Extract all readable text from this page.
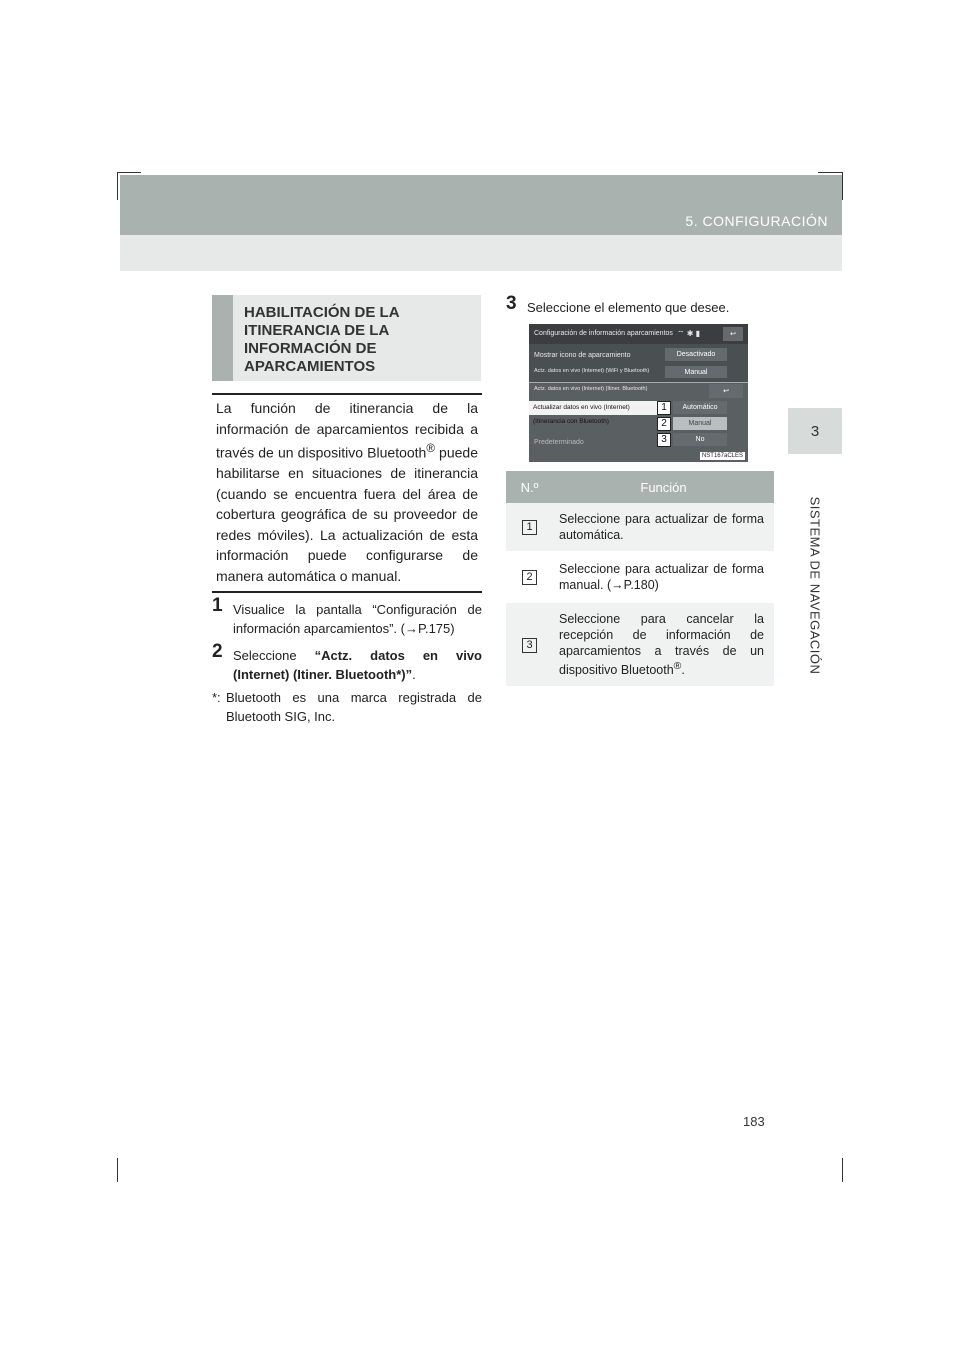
5. CONFIGURACIÓN
3
SISTEMA DE NAVEGACIÓN
HABILITACIÓN DE LA ITINERANCIA DE LA INFORMACIÓN DE APARCAMIENTOS

La función de itinerancia de la información de aparcamientos recibida a través de un dispositivo Bluetooth® puede habilitarse en situaciones de itinerancia (cuando se encuentra fuera del área de cobertura geográfica de su proveedor de redes móviles). La actualización de esta información puede configurarse de manera automática o manual.

1 Visualice la pantalla “Configuración de información aparcamientos”. (→P.175)
2 Seleccione “Actz. datos en vivo (Internet) (Itiner. Bluetooth*)”.
*: Bluetooth es una marca registrada de Bluetooth SIG, Inc.
3 Seleccione el elemento que desee.
Configuración de información aparcamientos ⌔ ✱ ▮	↩
Mostrar icono de aparcamiento	Desactivado
Actz. datos en vivo (Internet) (WiFi y Bluetooth)	Manual
Actz. datos en vivo (Internet) (Itiner. Bluetooth)	↩
Actualizar datos en vivo (Internet) (Itinerancia con Bluetooth)
Automático
Manual
No
Predeterminado
1
2
3
NST167aCLES
N.º	Función
1	Seleccione para actualizar de forma automática.
2	Seleccione para actualizar de forma manual. (→P.180)
3	Seleccione para cancelar la recepción de información de aparcamientos a través de un dispositivo Bluetooth®.
183
